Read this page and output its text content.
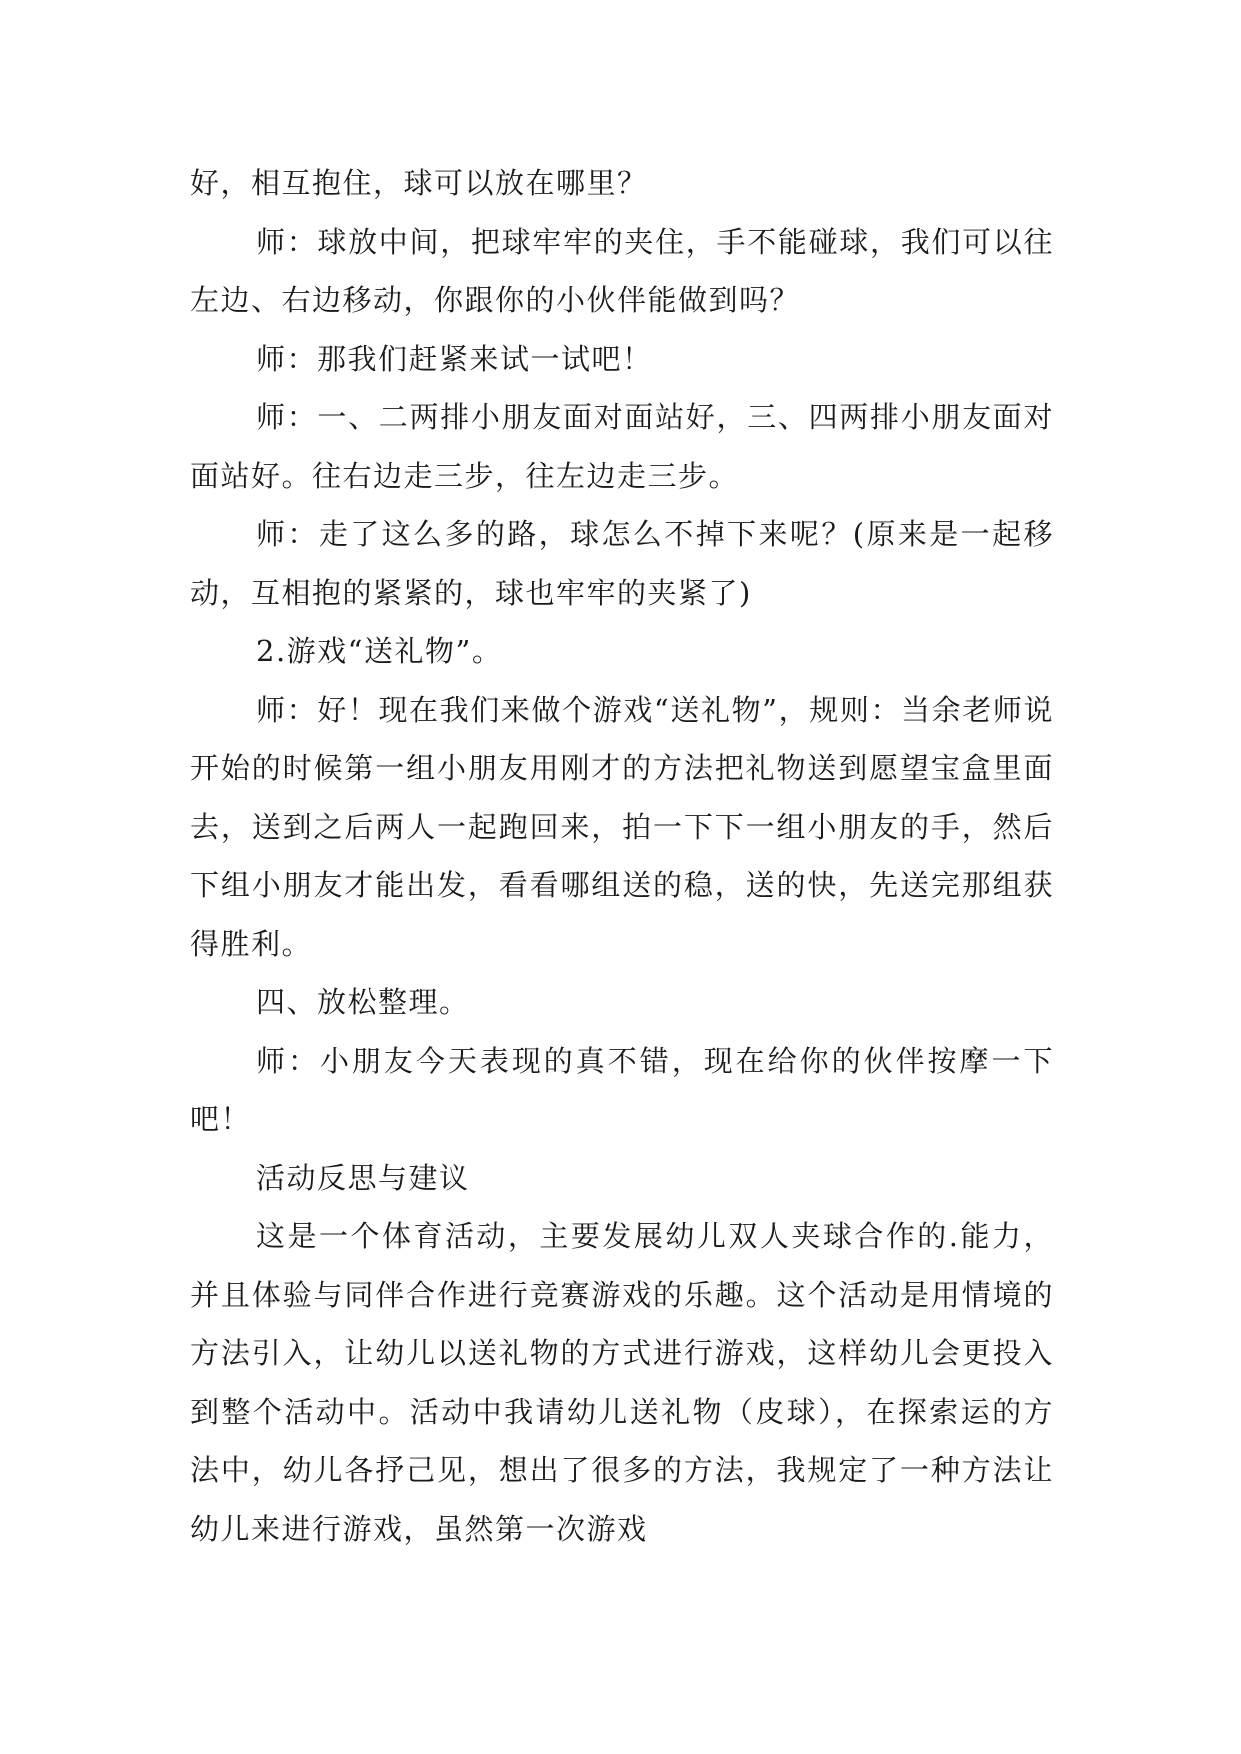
好，相互抱住，球可以放在哪里？

师：球放中间，把球牢牢的夹住，手不能碰球，我们可以往左边、右边移动，你跟你的小伙伴能做到吗？

师：那我们赶紧来试一试吧！

师：一、二两排小朋友面对面站好，三、四两排小朋友面对面站好。往右边走三步，往左边走三步。

师：走了这么多的路，球怎么不掉下来呢？(原来是一起移动，互相抱的紧紧的，球也牢牢的夹紧了)

2.游戏“送礼物”。

师：好！现在我们来做个游戏“送礼物”，规则：当余老师说开始的时候第一组小朋友用刚才的方法把礼物送到愿望宝盒里面去，送到之后两人一起跑回来，拍一下下一组小朋友的手，然后下组小朋友才能出发，看看哪组送的稳，送的快，先送完那组获得胜利。

四、放松整理。

师：小朋友今天表现的真不错，现在给你的伙伴按摩一下吧！

活动反思与建议

这是一个体育活动，主要发展幼儿双人夹球合作的.能力，并且体验与同伴合作进行竞赛游戏的乐趣。这个活动是用情境的方法引入，让幼儿以送礼物的方式进行游戏，这样幼儿会更投入到整个活动中。活动中我请幼儿送礼物（皮球），在探索运的方法中，幼儿各抒己见，想出了很多的方法，我规定了一种方法让幼儿来进行游戏，虽然第一次游戏
